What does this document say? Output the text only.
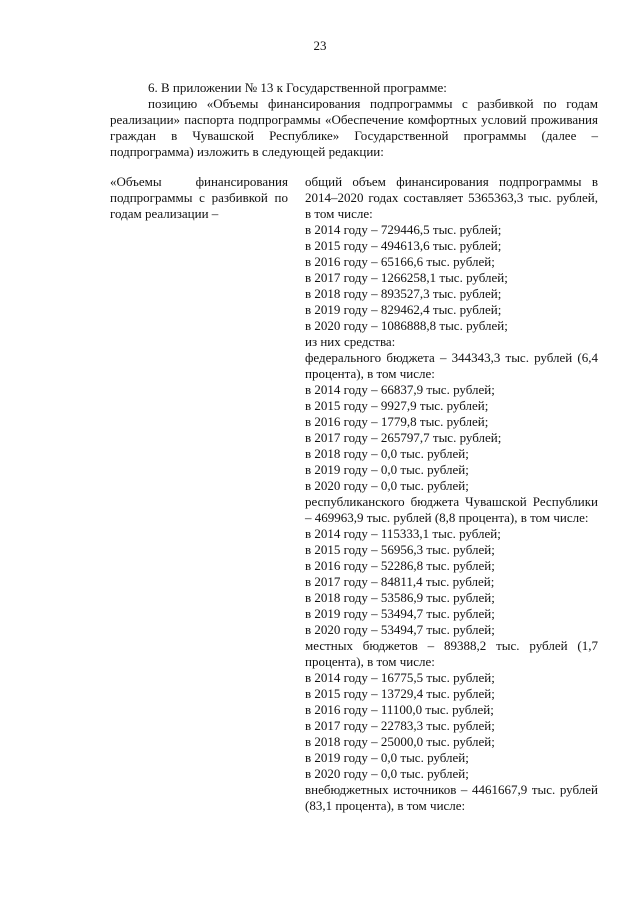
23

6. В приложении № 13 к Государственной программе:

позицию «Объемы финансирования подпрограммы с разбивкой по годам реализации» паспорта подпрограммы «Обеспечение комфортных условий проживания граждан в Чувашской Республике» Государственной программы (далее – подпрограмма) изложить в следующей редакции:

«Объемы финансирования подпрограммы с разбивкой по годам реализации –
общий объем финансирования подпрограммы в 2014–2020 годах составляет 5365363,3 тыс. рублей, в том числе:
в 2014 году – 729446,5 тыс. рублей;
в 2015 году – 494613,6 тыс. рублей;
в 2016 году – 65166,6 тыс. рублей;
в 2017 году – 1266258,1 тыс. рублей;
в 2018 году – 893527,3 тыс. рублей;
в 2019 году – 829462,4 тыс. рублей;
в 2020 году – 1086888,8 тыс. рублей;
из них средства:
федерального бюджета – 344343,3 тыс. рублей (6,4 процента), в том числе:
в 2014 году – 66837,9 тыс. рублей;
в 2015 году – 9927,9 тыс. рублей;
в 2016 году – 1779,8 тыс. рублей;
в 2017 году – 265797,7 тыс. рублей;
в 2018 году – 0,0 тыс. рублей;
в 2019 году – 0,0 тыс. рублей;
в 2020 году – 0,0 тыс. рублей;
республиканского бюджета Чувашской Республики – 469963,9 тыс. рублей (8,8 процента), в том числе:
в 2014 году – 115333,1 тыс. рублей;
в 2015 году – 56956,3 тыс. рублей;
в 2016 году – 52286,8 тыс. рублей;
в 2017 году – 84811,4 тыс. рублей;
в 2018 году – 53586,9 тыс. рублей;
в 2019 году – 53494,7 тыс. рублей;
в 2020 году – 53494,7 тыс. рублей;
местных бюджетов – 89388,2 тыс. рублей (1,7 процента), в том числе:
в 2014 году – 16775,5 тыс. рублей;
в 2015 году – 13729,4 тыс. рублей;
в 2016 году – 11100,0 тыс. рублей;
в 2017 году – 22783,3 тыс. рублей;
в 2018 году – 25000,0 тыс. рублей;
в 2019 году – 0,0 тыс. рублей;
в 2020 году – 0,0 тыс. рублей;
внебюджетных источников – 4461667,9 тыс. рублей (83,1 процента), в том числе:
